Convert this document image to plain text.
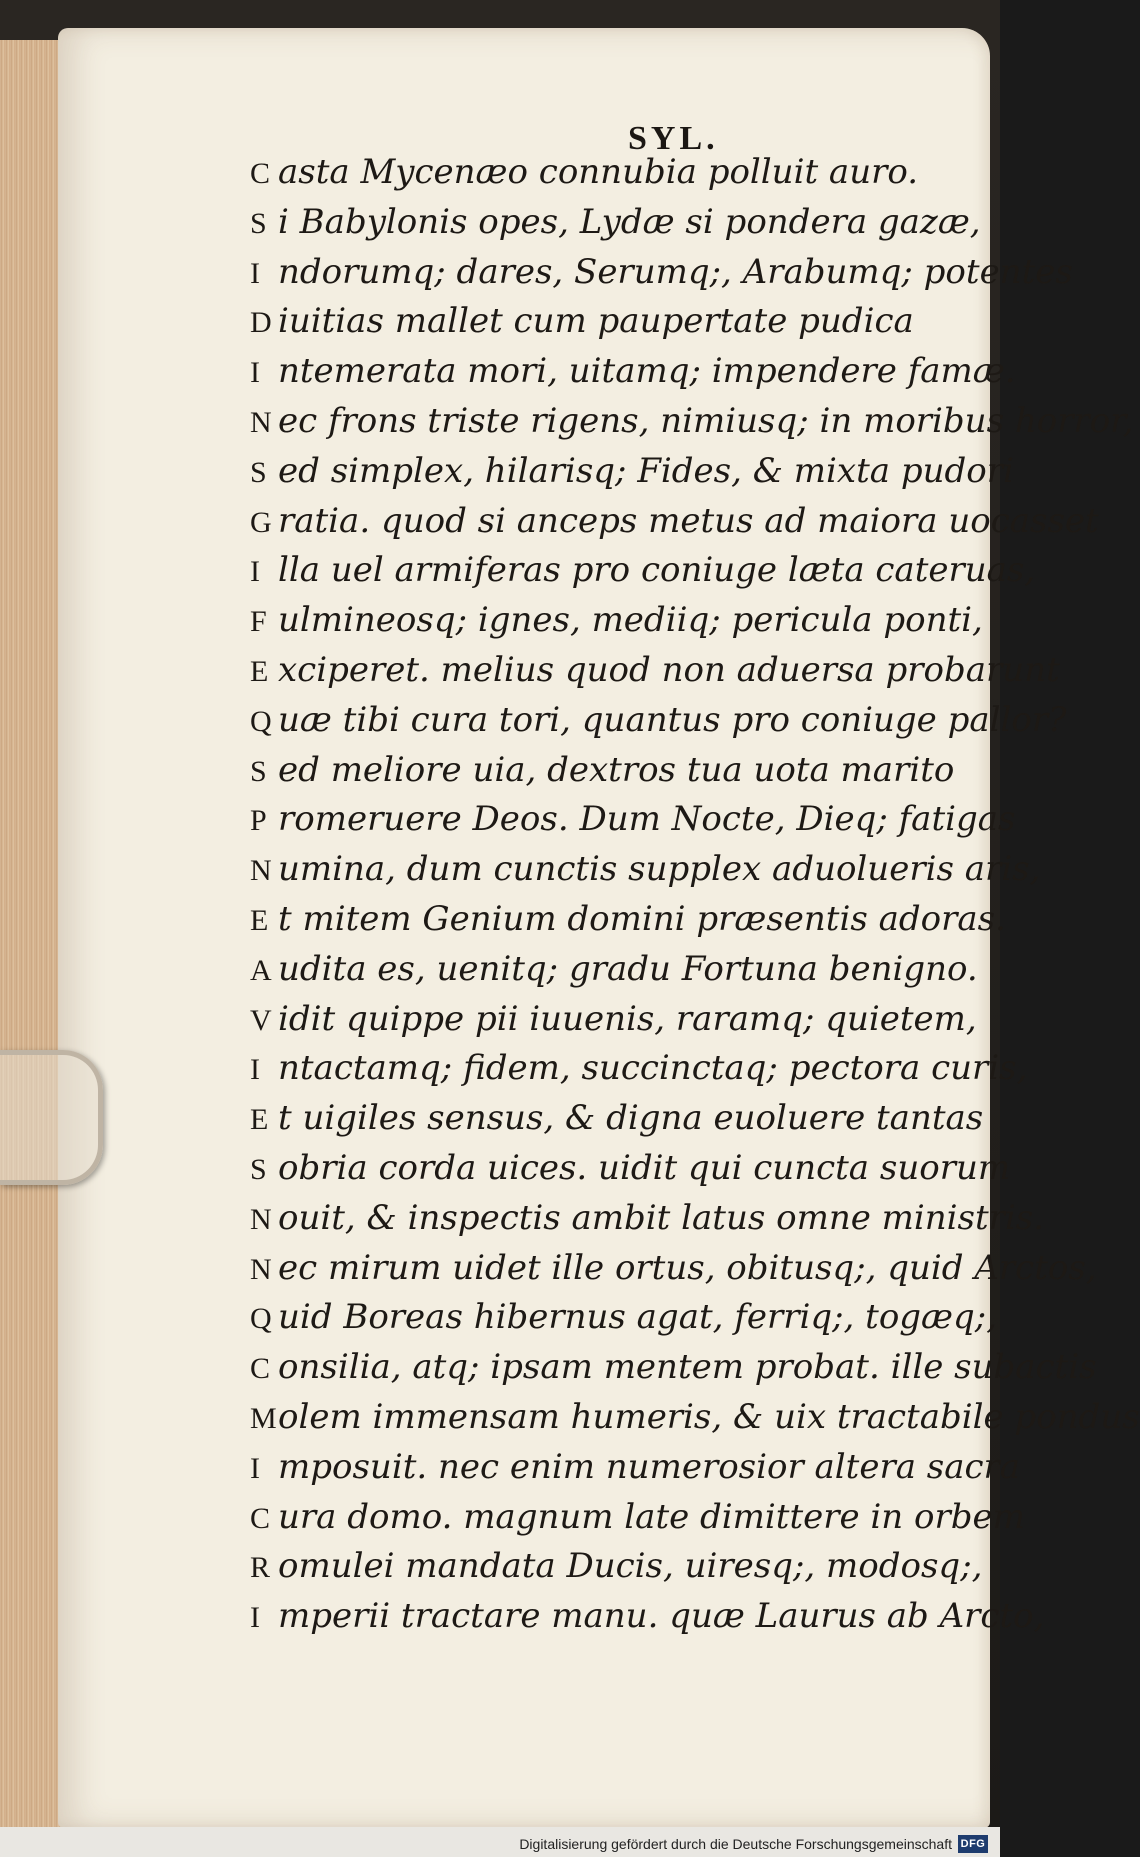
SYL.
C asta Mycenæo connubia polluit auro.
S i Babylonis opes, Lydæ si pondera gazæ,
I ndorumq; dares, Serumq;, Arabumq; potentes
D iuitias mallet cum paupertate pudica
I ntemerata mori, uitamq; impendere famæ.
N ec frons triste rigens, nimiusq; in moribus horror,
S ed simplex, hilarisq; Fides, & mixta pudori
G ratia. quod si anceps metus ad maiora uocasset
I lla uel armiferas pro coniuge læta cateruas,
F ulmineosq; ignes, mediiq; pericula ponti,
E xciperet. melius quod non aduersa probarunt
Q uæ tibi cura tori, quantus pro coniuge pallor?
S ed meliore uia, dextros tua uota marito
P romeruere Deos. Dum Nocte, Dieq; fatigas
N umina, dum cunctis supplex aduolueris aris,
E t mitem Genium domini præsentis adoras.
A udita es, uenitq; gradu Fortuna benigno.
V idit quippe pii iuuenis, raramq; quietem,
I ntactamq; fidem, succinctaq; pectora curis,
E t uigiles sensus, & digna euoluere tantas
S obria corda uices. uidit qui cuncta suorum
N ouit, & inspectis ambit latus omne ministris.
N ec mirum uidet ille ortus, obitusq;, quid Arctos,
Q uid Boreas hibernus agat, ferriq;, togæq;,
C onsilia, atq; ipsam mentem probat. ille subactis
Molem immensam humeris, & uix tractabile pondus
I mposuit. nec enim numerosior altera sacra
C ura domo. magnum late dimittere in orbem
R omulei mandata Ducis, uiresq;, modosq;,
I mperii tractare manu. quæ Laurus ab Arcto,
Digitalisierung gefördert durch die Deutsche Forschungsgemeinschaft DFG
